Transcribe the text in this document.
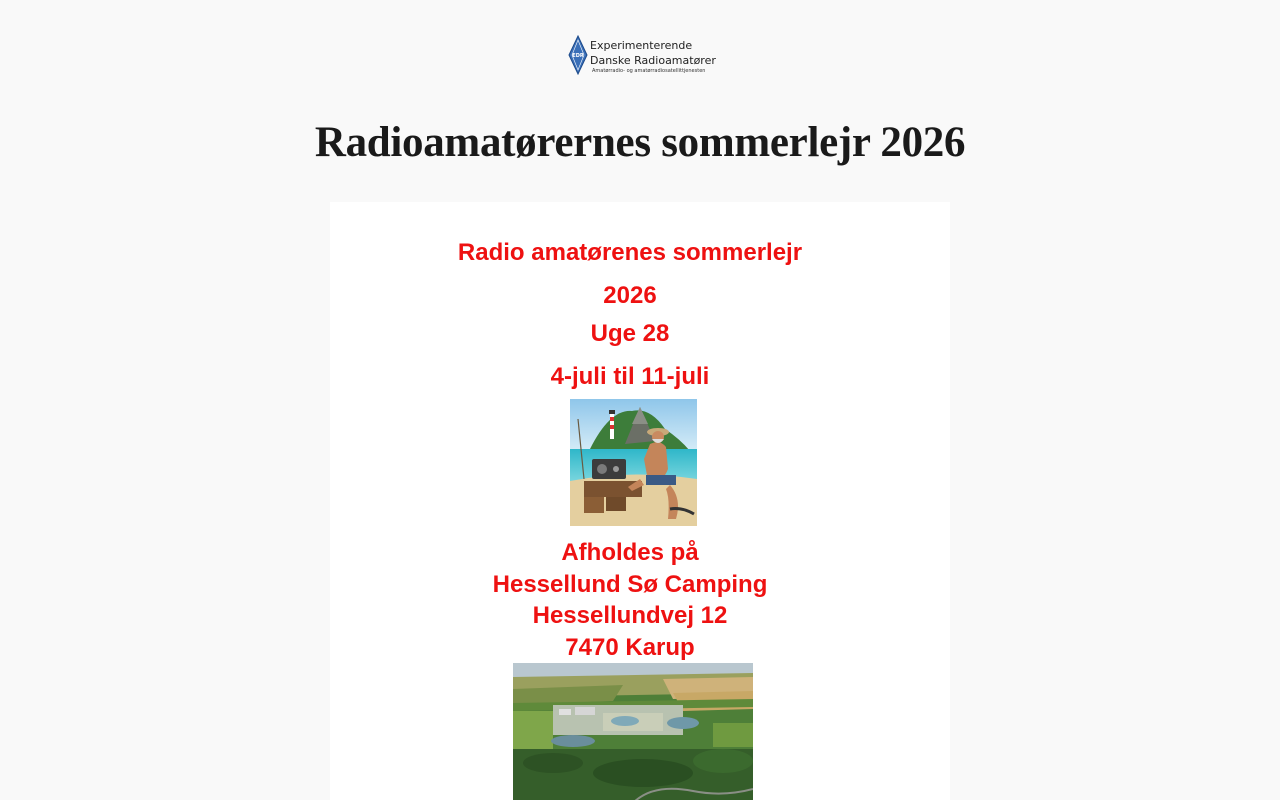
EDR
Experimenterende
Danske Radioamatører
Amatørradio- og amatørradiosatellittjenesten
Radioamatørernes sommerlejr 2026
Radio amatørenes sommerlejr
2026
Uge 28
4-juli til 11-juli
Afholdes på
Hessellund Sø Camping
Hessellundvej 12
7470 Karup
